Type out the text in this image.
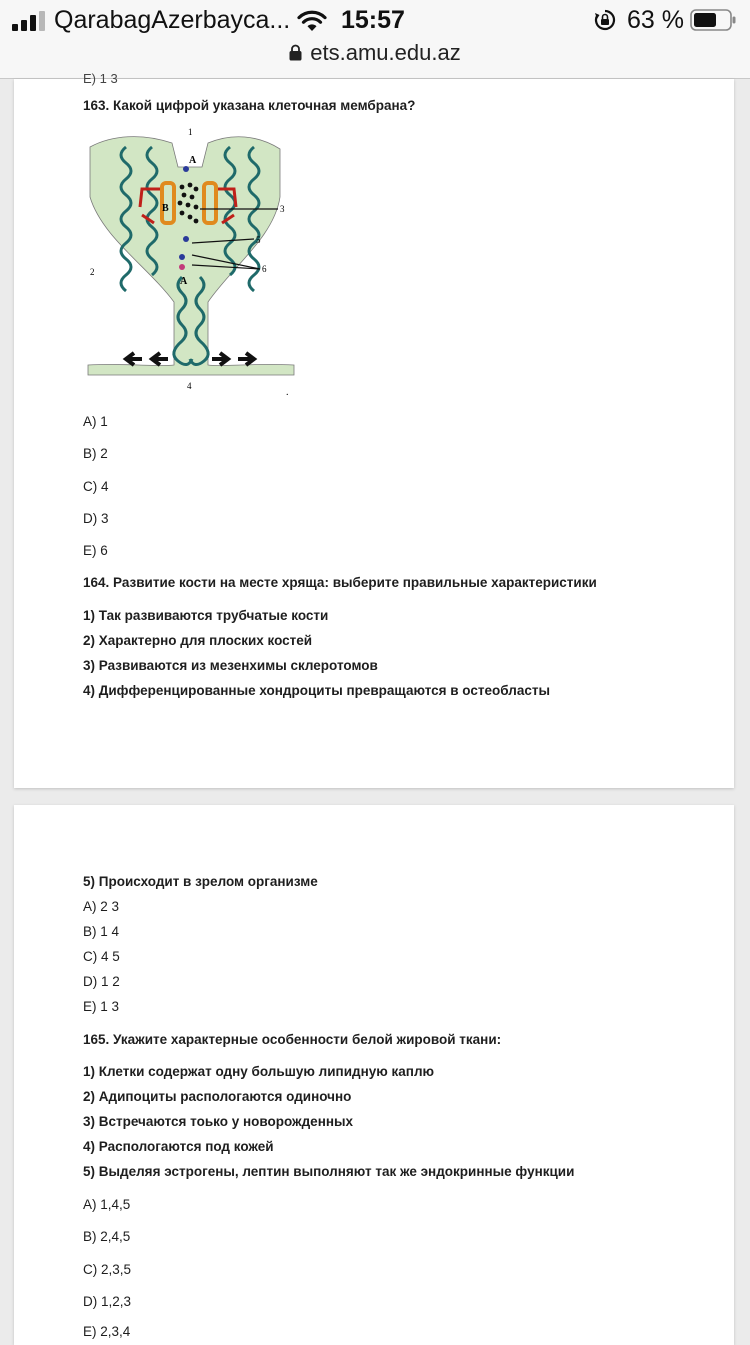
QarabagAzerbayca... 15:57	63 %
ets.amu.edu.az
E) 1 3
163. Какой цифрой указана клеточная мембрана?
1
2
3
4
5
6
А
А
В
.
А) 1
В) 2
С) 4
D) 3
Е) 6
164. Развитие кости на месте хряща: выберите правильные характеристики
1) Так развиваются трубчатые кости
2) Характерно для плоских костей
3) Развиваются из мезенхимы склеротомов
4) Дифференцированные хондроциты превращаются в остеобласты
5) Происходит в зрелом организме
А) 2 3
В) 1 4
С) 4 5
D) 1 2
Е) 1 3
165. Укажите характерные особенности белой жировой ткани:
1) Клетки содержат одну большую липидную каплю
2) Адипоциты распологаются одиночно
3) Встречаются тоько у новорожденных
4) Распологаются под кожей
5) Выделяя эстрогены, лептин выполняют так же эндокринные функции
А) 1,4,5
В) 2,4,5
С) 2,3,5
D) 1,2,3
Е) 2,3,4
